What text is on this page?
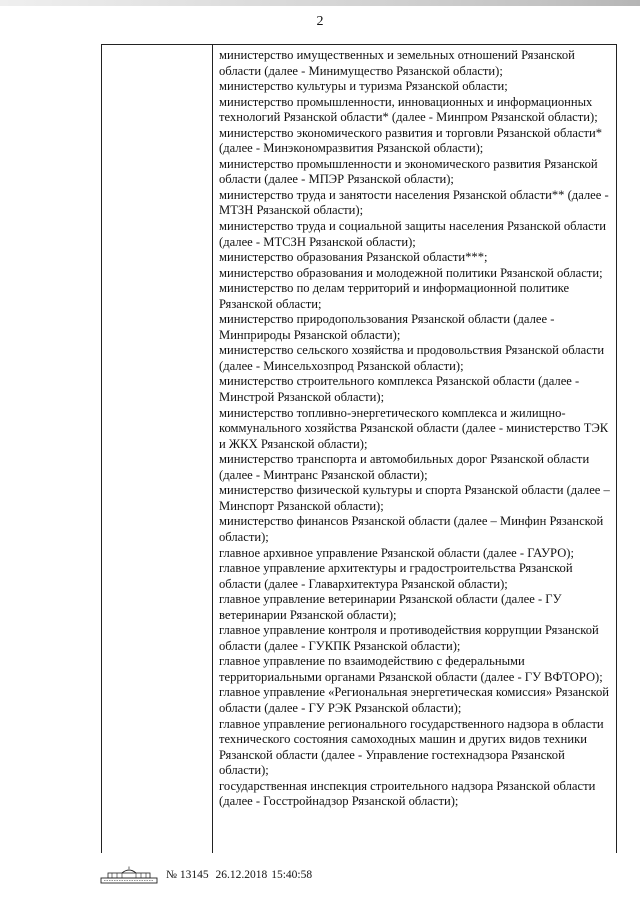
2
министерство имущественных и земельных отношений Рязанской области (далее - Минимущество Рязанской области);
министерство культуры и туризма Рязанской области;
министерство промышленности, инновационных и информационных технологий Рязанской области* (далее - Минпром Рязанской области);
министерство экономического развития и торговли Рязанской области* (далее - Минэкономразвития Рязанской области);
министерство промышленности и экономического развития Рязанской области (далее - МПЭР Рязанской области);
министерство труда и занятости населения Рязанской области** (далее - МТЗН Рязанской области);
министерство труда и социальной защиты населения Рязанской области (далее - МТСЗН Рязанской области);
министерство образования Рязанской области***;
министерство образования и молодежной политики Рязанской области;
министерство по делам территорий и информационной политике Рязанской области;
министерство природопользования Рязанской области (далее - Минприроды Рязанской области);
министерство сельского хозяйства и продовольствия Рязанской области (далее - Минсельхозпрод Рязанской области);
министерство строительного комплекса Рязанской области (далее - Минстрой Рязанской области);
министерство топливно-энергетического комплекса и жилищно-коммунального хозяйства Рязанской области (далее - министерство ТЭК и ЖКХ Рязанской области);
министерство транспорта и автомобильных дорог Рязанской области (далее - Минтранс Рязанской области);
министерство физической культуры и спорта Рязанской области (далее – Минспорт Рязанской области);
министерство финансов Рязанской области (далее – Минфин Рязанской области);
главное архивное управление Рязанской области (далее - ГАУРО);
главное управление архитектуры и градостроительства Рязанской области (далее - Главархитектура Рязанской области);
главное управление ветеринарии Рязанской области (далее - ГУ ветеринарии Рязанской области);
главное управление контроля и противодействия коррупции Рязанской области (далее - ГУКПК Рязанской области);
главное управление по взаимодействию с федеральными территориальными органами Рязанской области (далее - ГУ ВФТОРО);
главное управление «Региональная энергетическая комиссия» Рязанской области (далее - ГУ РЭК Рязанской области);
главное управление регионального государственного надзора в области технического состояния самоходных машин и других видов техники Рязанской области (далее - Управление гостехнадзора Рязанской области);
государственная инспекция строительного надзора Рязанской области (далее - Госстройнадзор Рязанской области);
№ 13145 26.12.2018 15:40:58
